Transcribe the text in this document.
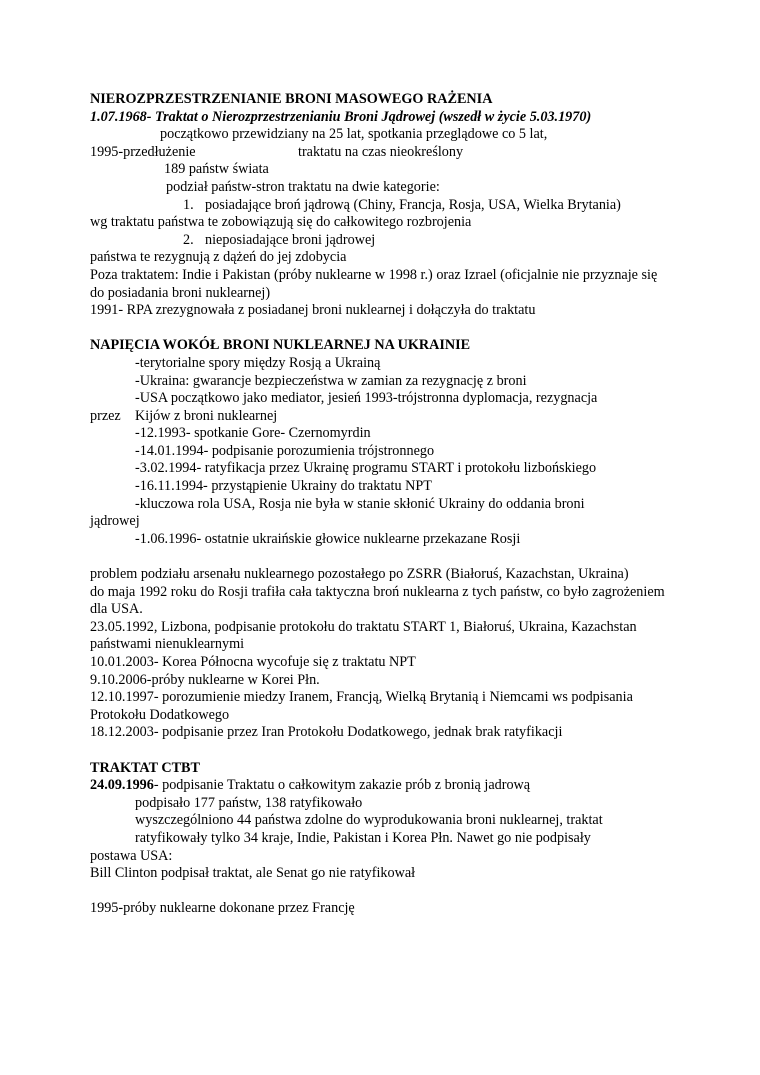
NIEROZPRZESTRZENIANIE BRONI MASOWEGO RAŻENIA
1.07.1968- Traktat o Nierozprzestrzenianiu Broni Jądrowej (wszedł w życie 5.03.1970)
początkowo przewidziany na 25 lat, spotkania przeglądowe co 5 lat,
1995-przedłużenie	traktatu na czas nieokreślony
189 państw świata
podział państw-stron traktatu na dwie kategorie:
1. posiadające broń jądrową (Chiny, Francja, Rosja, USA, Wielka Brytania)
wg traktatu państwa te zobowiązują się do całkowitego rozbrojenia
2. nieposiadające broni jądrowej
państwa te rezygnują z dążeń do jej zdobycia
Poza traktatem: Indie i Pakistan (próby nuklearne w 1998 r.) oraz Izrael (oficjalnie nie przyznaje się do posiadania broni nuklearnej)
1991- RPA zrezygnowała z posiadanej broni nuklearnej i dołączyła do traktatu
NAPIĘCIA WOKÓŁ BRONI NUKLEARNEJ NA UKRAINIE
-terytorialne spory między Rosją a Ukrainą
-Ukraina: gwarancje bezpieczeństwa w zamian za rezygnację z broni
-USA początkowo jako mediator, jesień 1993-trójstronna dyplomacja, rezygnacja
przez Kijów z broni nuklearnej
-12.1993- spotkanie Gore- Czernomyrdin
-14.01.1994- podpisanie porozumienia trójstronnego
-3.02.1994- ratyfikacja przez Ukrainę programu START i protokołu lizbońskiego
-16.11.1994- przystąpienie Ukrainy do traktatu NPT
-kluczowa rola USA, Rosja nie była w stanie skłonić Ukrainy do oddania broni
jądrowej
-1.06.1996- ostatnie ukraińskie głowice nuklearne przekazane Rosji
problem podziału arsenału nuklearnego pozostałego po ZSRR (Białoruś, Kazachstan, Ukraina)
do maja 1992 roku do Rosji trafiła cała taktyczna broń nuklearna z tych państw, co było zagrożeniem dla USA.
23.05.1992, Lizbona, podpisanie protokołu do traktatu START 1, Białoruś, Ukraina, Kazachstan państwami nienuklearnymi
10.01.2003- Korea Północna wycofuje się z traktatu NPT
9.10.2006-próby nuklearne w Korei Płn.
12.10.1997- porozumienie miedzy Iranem, Francją, Wielką Brytanią i Niemcami ws podpisania Protokołu Dodatkowego
18.12.2003- podpisanie przez Iran Protokołu Dodatkowego, jednak brak ratyfikacji
TRAKTAT CTBT
24.09.1996- podpisanie Traktatu o całkowitym zakazie prób z bronią jadrową
podpisało 177 państw, 138 ratyfikowało
wyszczególniono 44 państwa zdolne do wyprodukowania broni nuklearnej, traktat
ratyfikowały tylko 34 kraje, Indie, Pakistan i Korea Płn. Nawet go nie podpisały
postawa USA:
Bill Clinton podpisał traktat, ale Senat go nie ratyfikował
1995-próby nuklearne dokonane przez Francję
